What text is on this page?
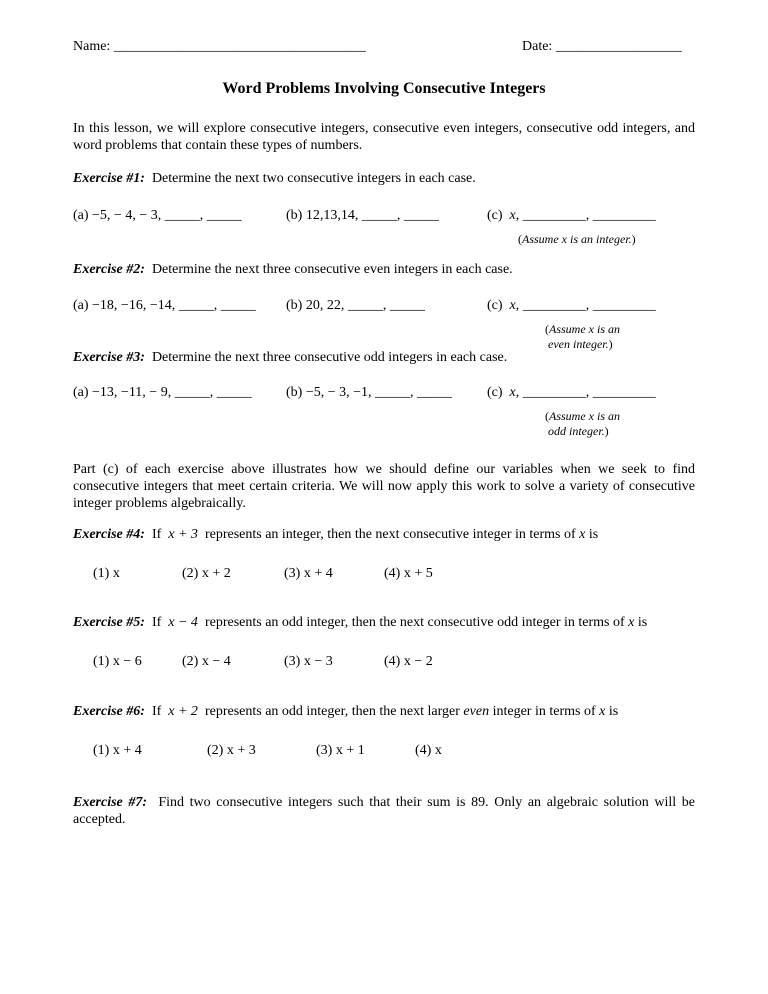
Name: ____________________________________	Date: __________________
Word Problems Involving Consecutive Integers
In this lesson, we will explore consecutive integers, consecutive even integers, consecutive odd integers, and word problems that contain these types of numbers.
Exercise #1: Determine the next two consecutive integers in each case.
(a) −5, − 4, − 3, _____, _____	(b) 12,13,14, _____, _____	(c) x, _________, _________
(Assume x is an integer.)
Exercise #2: Determine the next three consecutive even integers in each case.
(a) −18, −16, −14, _____, _____ (b) 20, 22, _____, _____	(c) x, _________, _________
(Assume x is an
even integer.)
Exercise #3: Determine the next three consecutive odd integers in each case.
(a) −13, −11, − 9, _____, _____ (b) −5, − 3, −1, _____, _____ (c) x, _________, _________
(Assume x is an
odd integer.)
Part (c) of each exercise above illustrates how we should define our variables when we seek to find consecutive integers that meet certain criteria. We will now apply this work to solve a variety of consecutive integer problems algebraically.
Exercise #4: If x + 3 represents an integer, then the next consecutive integer in terms of x is
(1) x	(2) x + 2	(3) x + 4	(4) x + 5
Exercise #5: If x − 4 represents an odd integer, then the next consecutive odd integer in terms of x is
(1) x − 6	(2) x − 4	(3) x − 3	(4) x − 2
Exercise #6: If x + 2 represents an odd integer, then the next larger even integer in terms of x is
(1) x + 4	(2) x + 3	(3) x + 1	(4) x
Exercise #7: Find two consecutive integers such that their sum is 89. Only an algebraic solution will be accepted.
